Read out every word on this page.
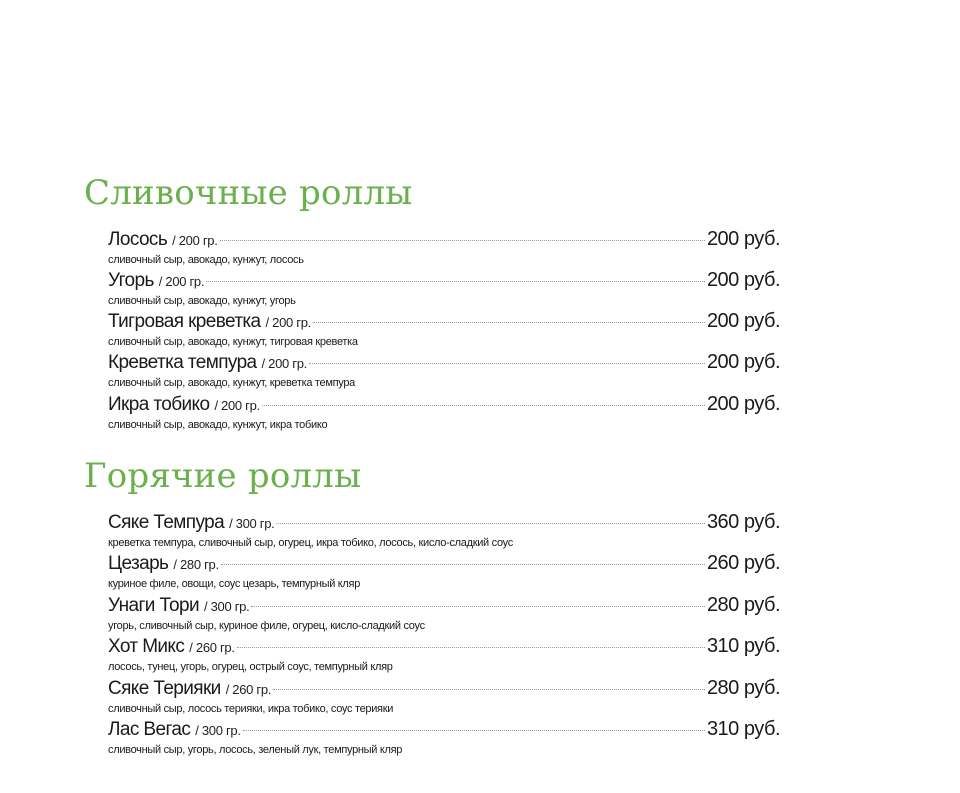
Сливочные роллы
Лосось / 200 гр.	200 руб.
сливочный сыр, авокадо, кунжут, лосось
Угорь / 200 гр.	200 руб.
сливочный сыр, авокадо, кунжут, угорь
Тигровая креветка / 200 гр.	200 руб.
сливочный сыр, авокадо, кунжут, тигровая креветка
Креветка темпура / 200 гр.	200 руб.
сливочный сыр, авокадо, кунжут, креветка темпура
Икра тобико / 200 гр.	200 руб.
сливочный сыр, авокадо, кунжут, икра тобико
Горячие роллы
Сяке Темпура / 300 гр.	360 руб.
креветка темпура, сливочный сыр, огурец, икра тобико, лосось, кисло-сладкий соус
Цезарь / 280 гр.	260 руб.
куриное филе, овощи, соус цезарь, темпурный кляр
Унаги Тори / 300 гр.	280 руб.
угорь, сливочный сыр, куриное филе, огурец, кисло-сладкий соус
Хот Микс / 260 гр.	310 руб.
лосось, тунец, угорь, огурец, острый соус, темпурный кляр
Сяке Терияки / 260 гр.	280 руб.
сливочный сыр, лосось терияки, икра тобико, соус терияки
Лас Вегас / 300 гр.	310 руб.
сливочный сыр, угорь, лосось, зеленый лук, темпурный кляр
